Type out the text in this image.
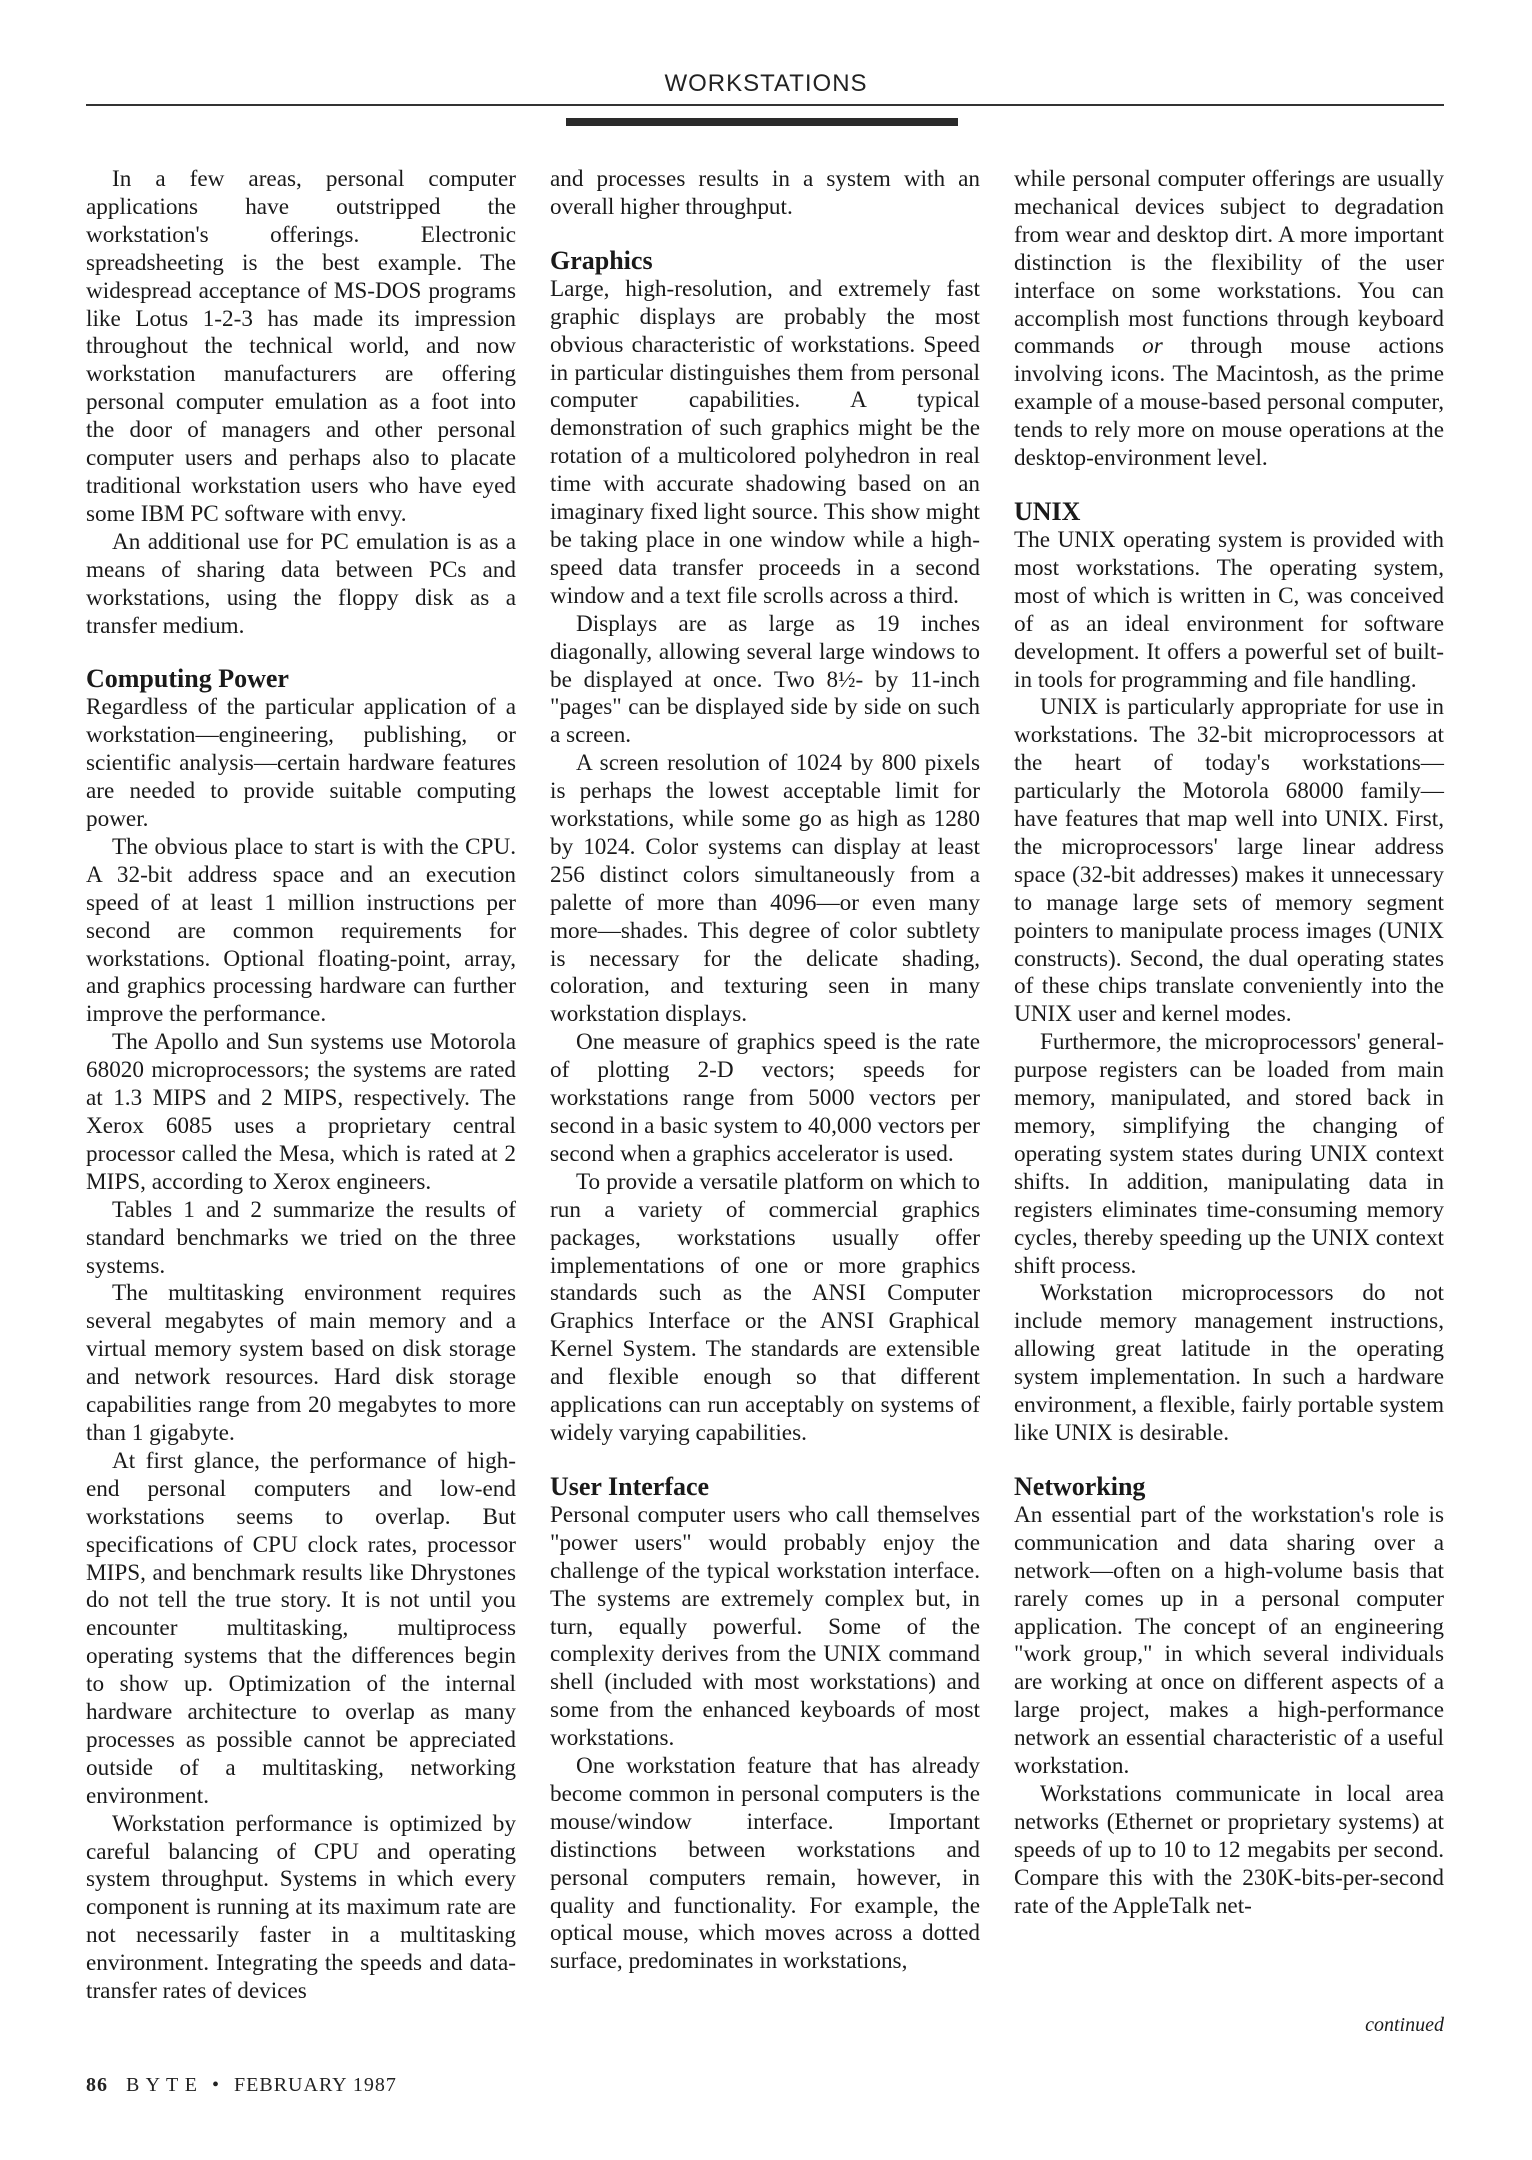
WORKSTATIONS

In a few areas, personal computer applications have outstripped the workstation's offerings. Electronic spreadsheeting is the best example. The widespread acceptance of MS-DOS programs like Lotus 1-2-3 has made its impression throughout the technical world, and now workstation manufacturers are offering personal computer emulation as a foot into the door of managers and other personal computer users and perhaps also to placate traditional workstation users who have eyed some IBM PC software with envy.

An additional use for PC emulation is as a means of sharing data between PCs and workstations, using the floppy disk as a transfer medium.

Computing Power

Regardless of the particular application of a workstation—engineering, publishing, or scientific analysis—certain hardware features are needed to provide suitable computing power.

The obvious place to start is with the CPU. A 32-bit address space and an execution speed of at least 1 million instructions per second are common requirements for workstations. Optional floating-point, array, and graphics processing hardware can further improve the performance.

The Apollo and Sun systems use Motorola 68020 microprocessors; the systems are rated at 1.3 MIPS and 2 MIPS, respectively. The Xerox 6085 uses a proprietary central processor called the Mesa, which is rated at 2 MIPS, according to Xerox engineers.

Tables 1 and 2 summarize the results of standard benchmarks we tried on the three systems.

The multitasking environment requires several megabytes of main memory and a virtual memory system based on disk storage and network resources. Hard disk storage capabilities range from 20 megabytes to more than 1 gigabyte.

At first glance, the performance of high-end personal computers and low-end workstations seems to overlap. But specifications of CPU clock rates, processor MIPS, and benchmark results like Dhrystones do not tell the true story. It is not until you encounter multitasking, multiprocess operating systems that the differences begin to show up. Optimization of the internal hardware architecture to overlap as many processes as possible cannot be appreciated outside of a multitasking, networking environment.

Workstation performance is optimized by careful balancing of CPU and operating system throughput. Systems in which every component is running at its maximum rate are not necessarily faster in a multitasking environment. Integrating the speeds and data-transfer rates of devices

and processes results in a system with an overall higher throughput.

Graphics

Large, high-resolution, and extremely fast graphic displays are probably the most obvious characteristic of workstations. Speed in particular distinguishes them from personal computer capabilities. A typical demonstration of such graphics might be the rotation of a multicolored polyhedron in real time with accurate shadowing based on an imaginary fixed light source. This show might be taking place in one window while a high-speed data transfer proceeds in a second window and a text file scrolls across a third.

Displays are as large as 19 inches diagonally, allowing several large windows to be displayed at once. Two 8½- by 11-inch "pages" can be displayed side by side on such a screen.

A screen resolution of 1024 by 800 pixels is perhaps the lowest acceptable limit for workstations, while some go as high as 1280 by 1024. Color systems can display at least 256 distinct colors simultaneously from a palette of more than 4096—or even many more—shades. This degree of color subtlety is necessary for the delicate shading, coloration, and texturing seen in many workstation displays.

One measure of graphics speed is the rate of plotting 2-D vectors; speeds for workstations range from 5000 vectors per second in a basic system to 40,000 vectors per second when a graphics accelerator is used.

To provide a versatile platform on which to run a variety of commercial graphics packages, workstations usually offer implementations of one or more graphics standards such as the ANSI Computer Graphics Interface or the ANSI Graphical Kernel System. The standards are extensible and flexible enough so that different applications can run acceptably on systems of widely varying capabilities.

User Interface

Personal computer users who call themselves "power users" would probably enjoy the challenge of the typical workstation interface. The systems are extremely complex but, in turn, equally powerful. Some of the complexity derives from the UNIX command shell (included with most workstations) and some from the enhanced keyboards of most workstations.

One workstation feature that has already become common in personal computers is the mouse/window interface. Important distinctions between workstations and personal computers remain, however, in quality and functionality. For example, the optical mouse, which moves across a dotted surface, predominates in workstations,

while personal computer offerings are usually mechanical devices subject to degradation from wear and desktop dirt. A more important distinction is the flexibility of the user interface on some workstations. You can accomplish most functions through keyboard commands or through mouse actions involving icons. The Macintosh, as the prime example of a mouse-based personal computer, tends to rely more on mouse operations at the desktop-environment level.

UNIX

The UNIX operating system is provided with most workstations. The operating system, most of which is written in C, was conceived of as an ideal environment for software development. It offers a powerful set of built-in tools for programming and file handling.

UNIX is particularly appropriate for use in workstations. The 32-bit microprocessors at the heart of today's workstations—particularly the Motorola 68000 family—have features that map well into UNIX. First, the microprocessors' large linear address space (32-bit addresses) makes it unnecessary to manage large sets of memory segment pointers to manipulate process images (UNIX constructs). Second, the dual operating states of these chips translate conveniently into the UNIX user and kernel modes.

Furthermore, the microprocessors' general-purpose registers can be loaded from main memory, manipulated, and stored back in memory, simplifying the changing of operating system states during UNIX context shifts. In addition, manipulating data in registers eliminates time-consuming memory cycles, thereby speeding up the UNIX context shift process.

Workstation microprocessors do not include memory management instructions, allowing great latitude in the operating system implementation. In such a hardware environment, a flexible, fairly portable system like UNIX is desirable.

Networking

An essential part of the workstation's role is communication and data sharing over a network—often on a high-volume basis that rarely comes up in a personal computer application. The concept of an engineering "work group," in which several individuals are working at once on different aspects of a large project, makes a high-performance network an essential characteristic of a useful workstation.

Workstations communicate in local area networks (Ethernet or proprietary systems) at speeds of up to 10 to 12 megabits per second. Compare this with the 230K-bits-per-second rate of the AppleTalk net-

continued
86 B Y T E • FEBRUARY 1987
